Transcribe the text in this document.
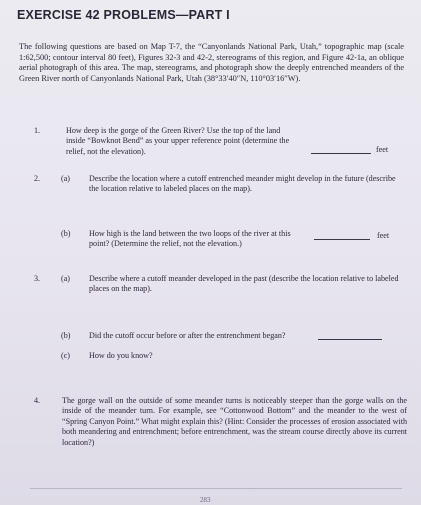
EXERCISE 42 PROBLEMS—PART I
The following questions are based on Map T-7, the “Canyonlands National Park, Utah,” topographic map (scale 1:62,500; contour interval 80 feet), Figures 32-3 and 42-2, stereograms of this region, and Figure 42-1a, an oblique aerial photograph of this area. The map, stereograms, and photograph show the deeply entrenched meanders of the Green River north of Canyonlands National Park, Utah (38°33′40″N, 110°03′16″W).
1.	How deep is the gorge of the Green River? Use the top of the land inside “Bowknot Bend” as your upper reference point (determine the relief, not the elevation).	feet
2.	(a) Describe the location where a cutoff entrenched meander might develop in the future (describe the location relative to labeled places on the map).
(b) How high is the land between the two loops of the river at this point? (Determine the relief, not the elevation.)
feet
3.	(a) Describe where a cutoff meander developed in the past (describe the location relative to labeled places on the map).
(b) Did the cutoff occur before or after the entrenchment began?
(c) How do you know?
4.	The gorge wall on the outside of some meander turns is noticeably steeper than the gorge walls on the inside of the meander turn. For example, see “Cottonwood Bottom” and the meander to the west of “Spring Canyon Point.” What might explain this? (Hint: Consider the processes of erosion associated with both meandering and entrenchment; before entrenchment, was the stream course directly above its current location?)
283
